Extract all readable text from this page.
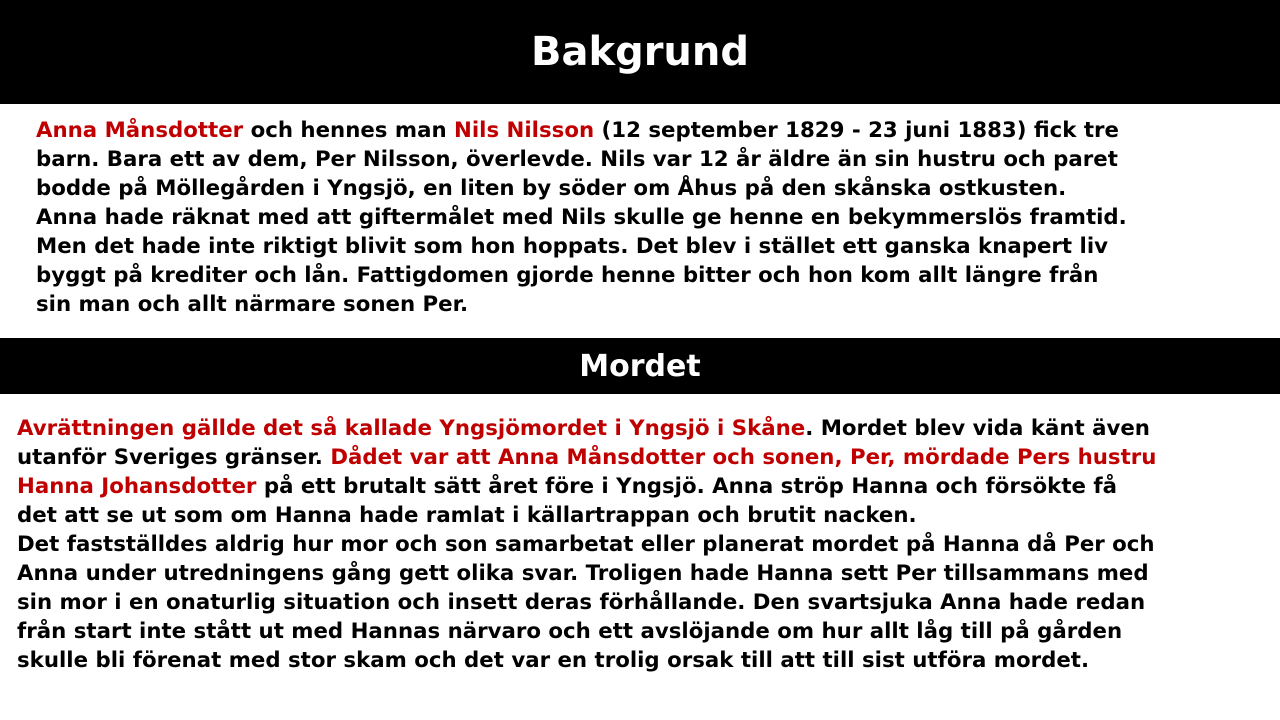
Bakgrund
Anna Månsdotter och hennes man Nils Nilsson (12 september 1829 - 23 juni 1883) fick tre
barn. Bara ett av dem, Per Nilsson, överlevde. Nils var 12 år äldre än sin hustru och paret
bodde på Möllegården i Yngsjö, en liten by söder om Åhus på den skånska ostkusten.
Anna hade räknat med att giftermålet med Nils skulle ge henne en bekymmerslös framtid.
Men det hade inte riktigt blivit som hon hoppats. Det blev i stället ett ganska knapert liv
byggt på krediter och lån. Fattigdomen gjorde henne bitter och hon kom allt längre från
sin man och allt närmare sonen Per.
Mordet
Avrättningen gällde det så kallade Yngsjömordet i Yngsjö i Skåne. Mordet blev vida känt även
utanför Sveriges gränser. Dådet var att Anna Månsdotter och sonen, Per, mördade Pers hustru
Hanna Johansdotter på ett brutalt sätt året före i Yngsjö. Anna ströp Hanna och försökte få
det att se ut som om Hanna hade ramlat i källartrappan och brutit nacken.
Det fastställdes aldrig hur mor och son samarbetat eller planerat mordet på Hanna då Per och
Anna under utredningens gång gett olika svar. Troligen hade Hanna sett Per tillsammans med
sin mor i en onaturlig situation och insett deras förhållande. Den svartsjuka Anna hade redan
från start inte stått ut med Hannas närvaro och ett avslöjande om hur allt låg till på gården
skulle bli förenat med stor skam och det var en trolig orsak till att till sist utföra mordet.
